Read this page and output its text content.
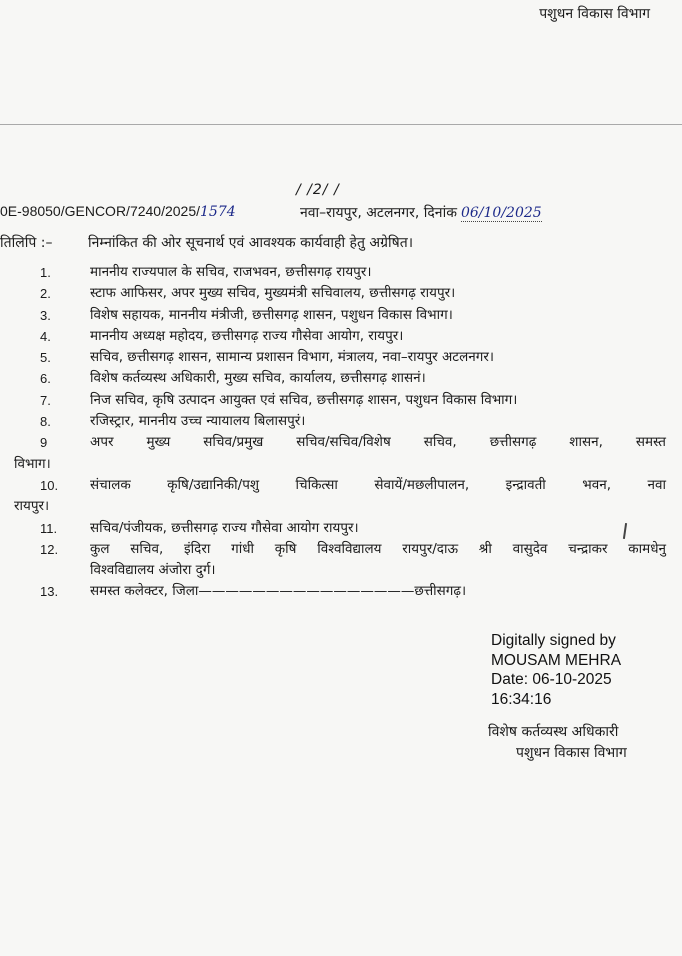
पशुधन विकास विभाग
/ /2/ /
0E-98050/GENCOR/7240/2025/1574	नवा–रायपुर, अटलनगर, दिनांक 06/10/2025
तिलिपि :–	निम्नांकित की ओर सूचनार्थ एवं आवश्यक कार्यवाही हेतु अग्रेषित।
1.	माननीय राज्यपाल के सचिव, राजभवन, छत्तीसगढ़ रायपुर।
2.	स्टाफ आफिसर, अपर मुख्य सचिव, मुख्यमंत्री सचिवालय, छत्तीसगढ़ रायपुर।
3.	विशेष सहायक, माननीय मंत्रीजी, छत्तीसगढ़ शासन, पशुधन विकास विभाग।
4.	माननीय अध्यक्ष महोदय, छत्तीसगढ़ राज्य गौसेवा आयोग, रायपुर।
5.	सचिव, छत्तीसगढ़ शासन, सामान्य प्रशासन विभाग, मंत्रालय, नवा–रायपुर अटलनगर।
6.	विशेष कर्तव्यस्थ अधिकारी, मुख्य सचिव, कार्यालय, छत्तीसगढ़ शासनं।
7.	निज सचिव, कृषि उत्पादन आयुक्त एवं सचिव, छत्तीसगढ़ शासन, पशुधन विकास विभाग।
8.	रजिस्ट्रार, माननीय उच्च न्यायालय बिलासपुरं।
9	अपर मुख्य सचिव/प्रमुख सचिव/सचिव/विशेष सचिव, छत्तीसगढ़ शासन, समस्त
विभाग।
10.	संचालक कृषि/उद्यानिकी/पशु चिकित्सा सेवायें/मछलीपालन, इन्द्रावती भवन, नवा
रायपुर।
11.	सचिव/पंजीयक, छत्तीसगढ़ राज्य गौसेवा आयोग रायपुर।
12.	कुल सचिव, इंदिरा गांधी कृषि विश्वविद्यालय रायपुर/दाऊ श्री वासुदेव चन्द्राकर कामधेनु
विश्वविद्यालय अंजोरा दुर्ग।
13.	समस्त कलेक्टर, जिला————————————————छत्तीसगढ़।
Digitally signed by
MOUSAM MEHRA
Date: 06-10-2025
16:34:16
विशेष कर्तव्यस्थ अधिकारी
पशुधन विकास विभाग
